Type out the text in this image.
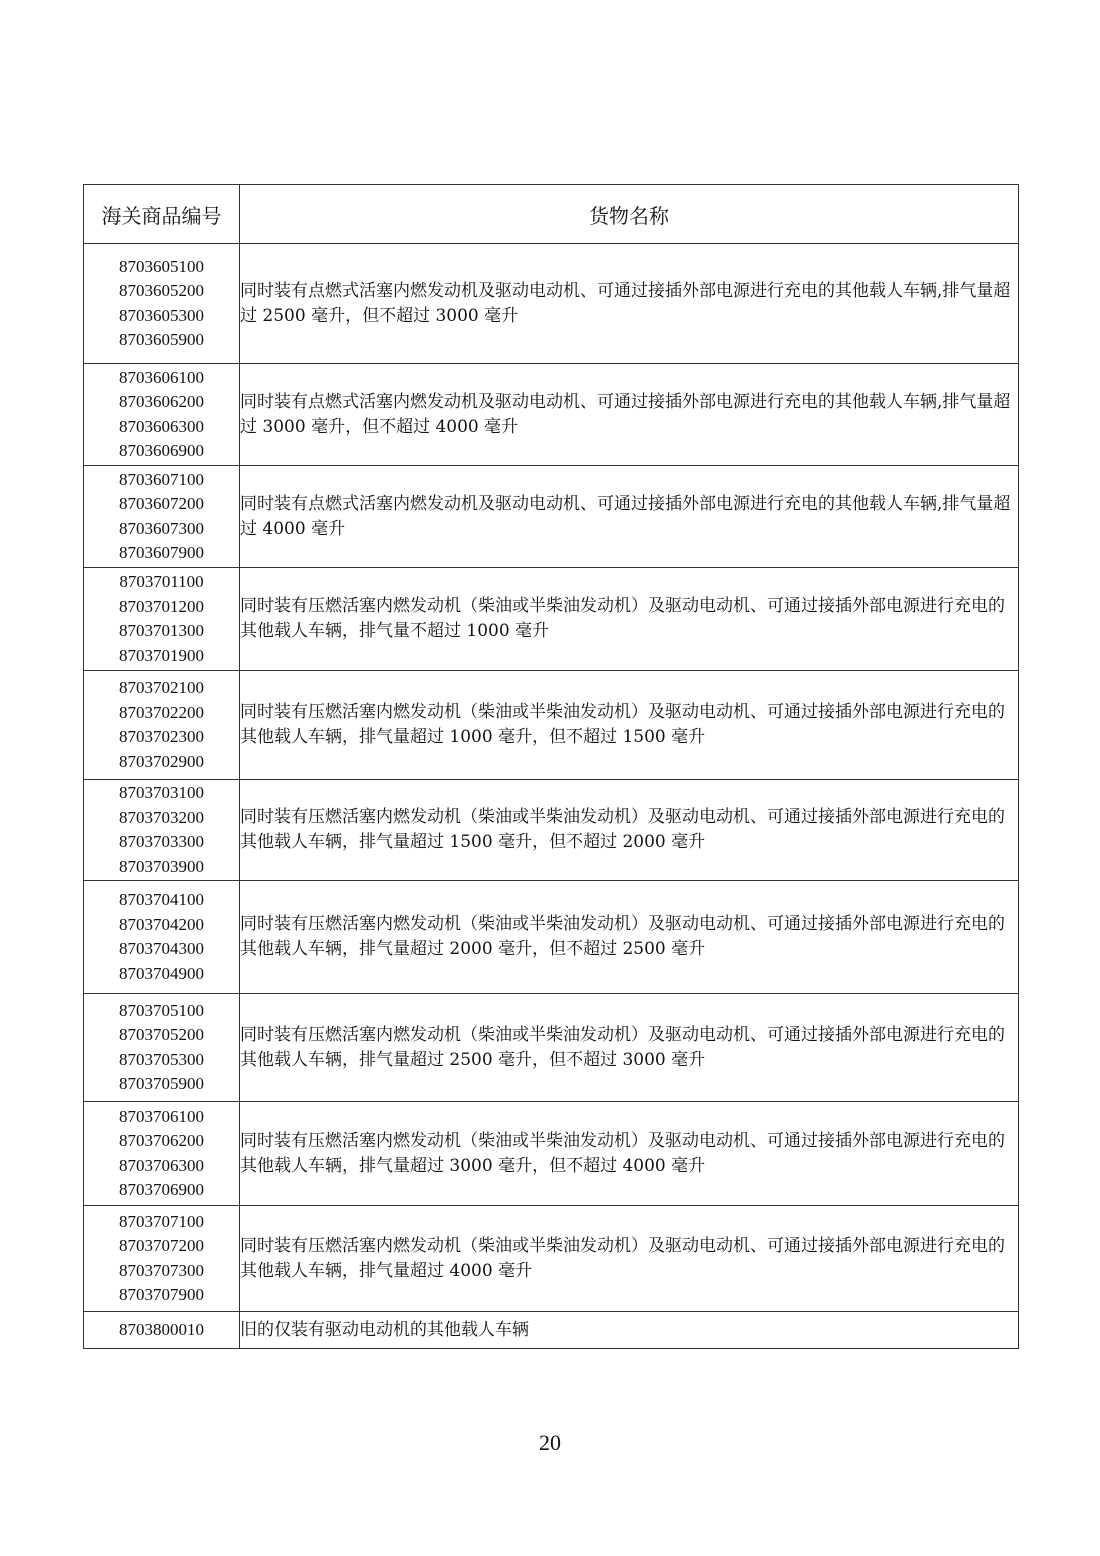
海关商品编号	货物名称

8703605100
8703605200
8703605300
8703605900	同时装有点燃式活塞内燃发动机及驱动电动机、可通过接插外部电源进行充电的其他载人车辆,排气量超过 2500 毫升，但不超过 3000 毫升

8703606100
8703606200
8703606300
8703606900	同时装有点燃式活塞内燃发动机及驱动电动机、可通过接插外部电源进行充电的其他载人车辆,排气量超过 3000 毫升，但不超过 4000 毫升

8703607100
8703607200
8703607300
8703607900	同时装有点燃式活塞内燃发动机及驱动电动机、可通过接插外部电源进行充电的其他载人车辆,排气量超过 4000 毫升

8703701100
8703701200
8703701300
8703701900	同时装有压燃活塞内燃发动机（柴油或半柴油发动机）及驱动电动机、可通过接插外部电源进行充电的其他载人车辆，排气量不超过 1000 毫升

8703702100
8703702200
8703702300
8703702900	同时装有压燃活塞内燃发动机（柴油或半柴油发动机）及驱动电动机、可通过接插外部电源进行充电的其他载人车辆，排气量超过 1000 毫升，但不超过 1500 毫升

8703703100
8703703200
8703703300
8703703900	同时装有压燃活塞内燃发动机（柴油或半柴油发动机）及驱动电动机、可通过接插外部电源进行充电的其他载人车辆，排气量超过 1500 毫升，但不超过 2000 毫升

8703704100
8703704200
8703704300
8703704900	同时装有压燃活塞内燃发动机（柴油或半柴油发动机）及驱动电动机、可通过接插外部电源进行充电的其他载人车辆，排气量超过 2000 毫升，但不超过 2500 毫升

8703705100
8703705200
8703705300
8703705900	同时装有压燃活塞内燃发动机（柴油或半柴油发动机）及驱动电动机、可通过接插外部电源进行充电的其他载人车辆，排气量超过 2500 毫升，但不超过 3000 毫升

8703706100
8703706200
8703706300
8703706900	同时装有压燃活塞内燃发动机（柴油或半柴油发动机）及驱动电动机、可通过接插外部电源进行充电的其他载人车辆，排气量超过 3000 毫升，但不超过 4000 毫升

8703707100
8703707200
8703707300
8703707900	同时装有压燃活塞内燃发动机（柴油或半柴油发动机）及驱动电动机、可通过接插外部电源进行充电的其他载人车辆，排气量超过 4000 毫升

8703800010	旧的仅装有驱动电动机的其他载人车辆
20
